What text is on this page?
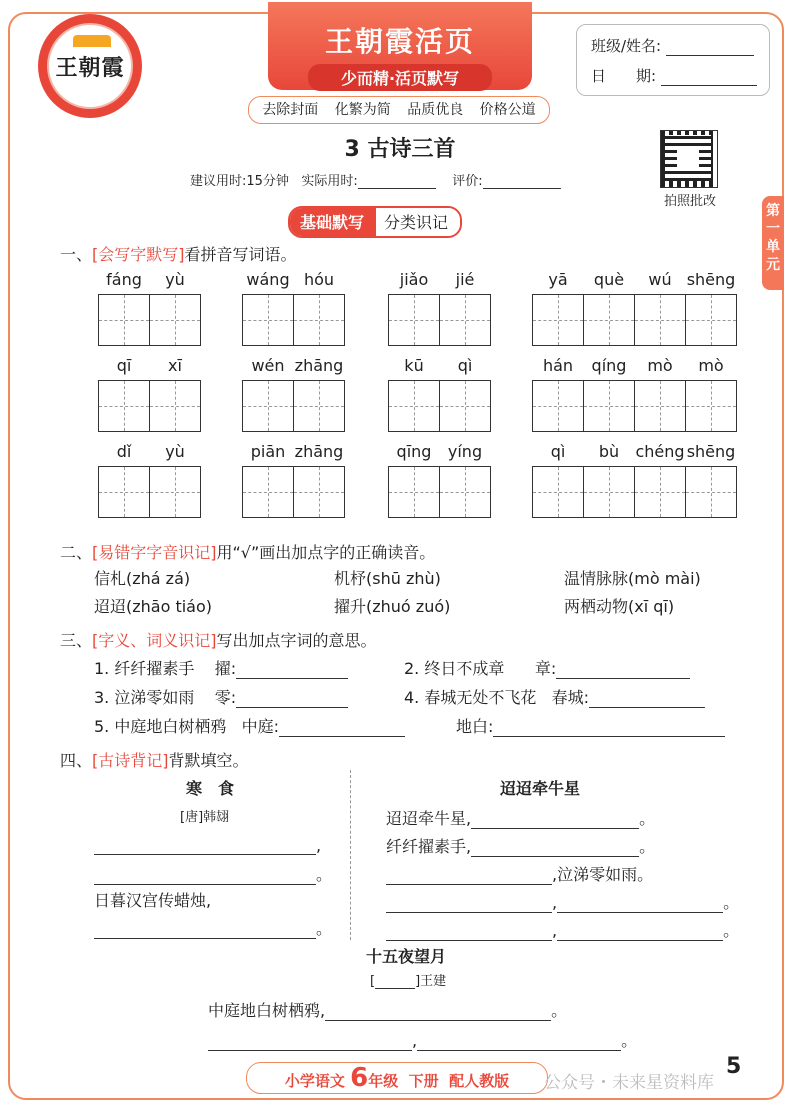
王朝霞
王朝霞活页
少而精·活页默写
去除封面 化繁为简 品质优良 价格公道
班级/姓名:
日　　期:
第一单元
3 古诗三首
建议用时:15分钟 实际用时:	评价:
拍照批改
基础默写	分类识记
一、[会写字默写]看拼音写词语。
fáng	yù	wáng hóu	jiǎo	jié	yā	què	wú shēng
qī	xī	wén zhāng	kū	qì	hán	qíng	mò	mò
dǐ	yù	piān zhāng	qīng	yíng	qì	bù	chéng shēng
二、[易错字字音识记]用“√”画出加点字的正确读音。
信札(zhá zá)	机杼(shū zhù)	温情脉脉(mò mài)
迢迢(zhāo tiáo)	擢升(zhuó zuó)	两栖动物(xī qī)
三、[字义、词义识记]写出加点字词的意思。
1. 纤纤擢素手 擢:	2. 终日不成章 章:
3. 泣涕零如雨 零:	4. 春城无处不飞花 春城:
5. 中庭地白树栖鸦 中庭:	地白:
四、[古诗背记]背默填空。
寒　食
[唐]韩翃
,
。
日暮汉宫传蜡烛,
。
迢迢牵牛星
迢迢牵牛星,	。
纤纤擢素手,	。
,泣涕零如雨。
,	。
,	。
十五夜望月
[	]王建
中庭地白树栖鸦,	。
,	。
小学语文 6年级 下册 配人教版	公众号・未来星资料库
5
